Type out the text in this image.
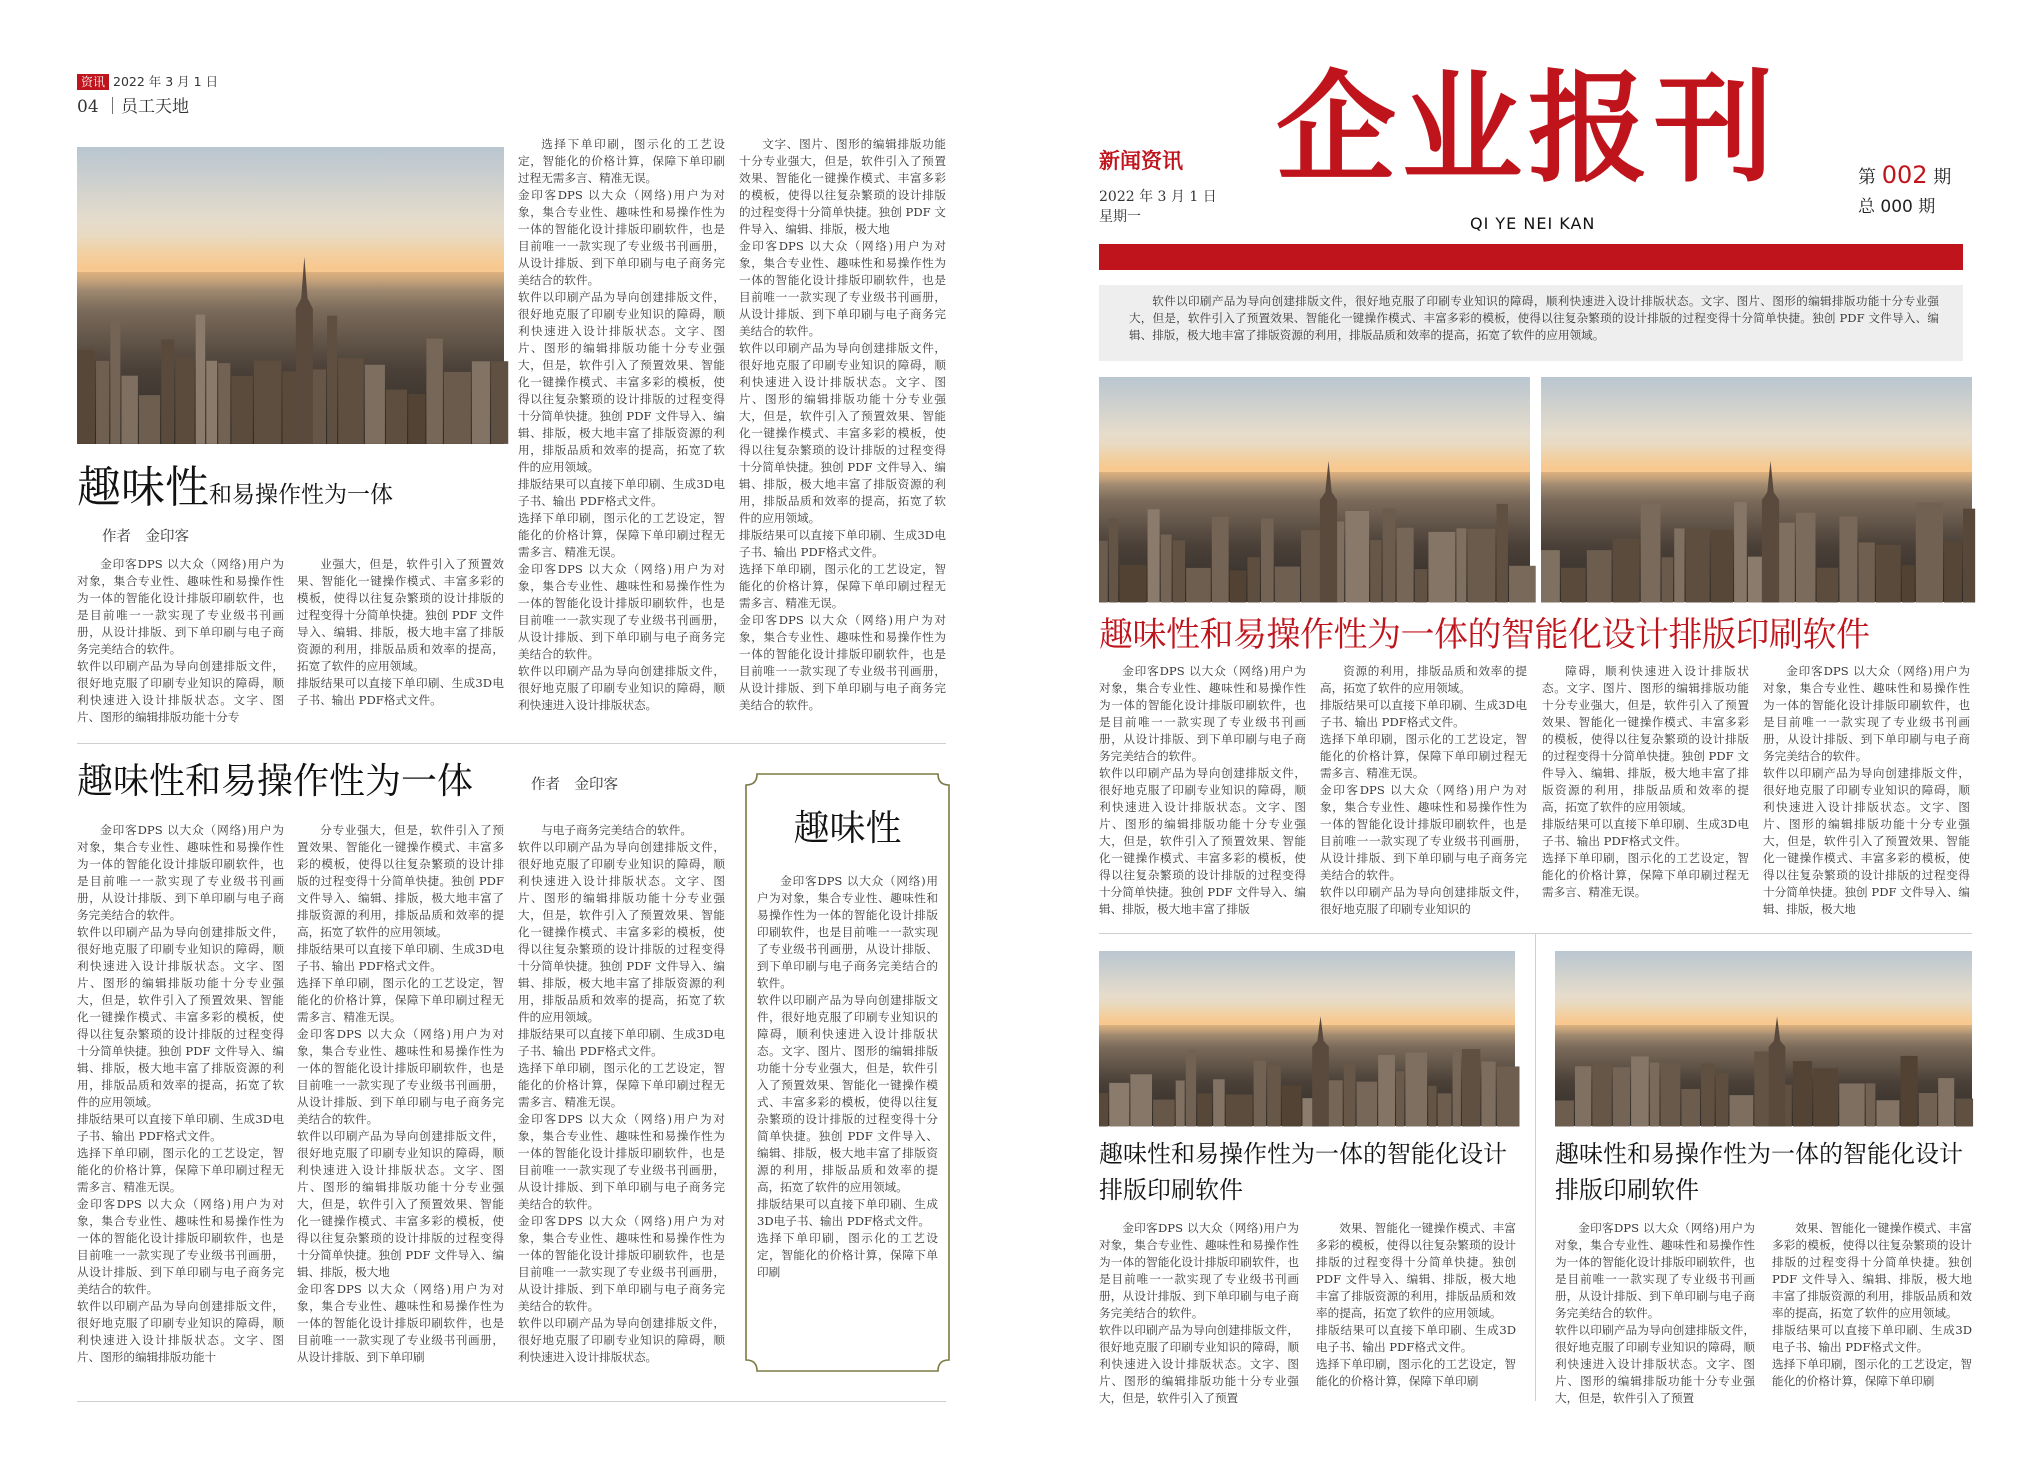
资讯 2022 年 3 月 1 日
04 ｜员工天地
趣味性和易操作性为一体
作者　金印客

金印客DPS 以大众（网络)用户为对象，集合专业性、趣味性和易操作性为一体的智能化设计排版印刷软件，也是目前唯一一款实现了专业级书刊画册，从设计排版、到下单印刷与电子商务完美结合的软件。
软件以印刷产品为导向创建排版文件，很好地克服了印刷专业知识的障碍，顺利快速进入设计排版状态。文字、图片、图形的编辑排版功能十分专

业强大，但是，软件引入了预置效果、智能化一键操作模式、丰富多彩的模板，使得以往复杂繁琐的设计排版的过程变得十分简单快捷。独创 PDF 文件导入、编辑、排版，极大地丰富了排版资源的利用，排版品质和效率的提高，拓宽了软件的应用领域。
排版结果可以直接下单印刷、生成3D电子书、输出 PDF格式文件。

选择下单印刷，图示化的工艺设定，智能化的价格计算，保障下单印刷过程无需多言、精准无误。
金印客DPS 以大众（网络)用户为对象，集合专业性、趣味性和易操作性为一体的智能化设计排版印刷软件，也是目前唯一一款实现了专业级书刊画册，从设计排版、到下单印刷与电子商务完美结合的软件。
软件以印刷产品为导向创建排版文件，很好地克服了印刷专业知识的障碍，顺利快速进入设计排版状态。文字、图片、图形的编辑排版功能十分专业强大，但是，软件引入了预置效果、智能化一键操作模式、丰富多彩的模板，使得以往复杂繁琐的设计排版的过程变得十分简单快捷。独创 PDF 文件导入、编辑、排版，极大地丰富了排版资源的利用，排版品质和效率的提高，拓宽了软件的应用领域。
排版结果可以直接下单印刷、生成3D电子书、输出 PDF格式文件。
选择下单印刷，图示化的工艺设定，智能化的价格计算，保障下单印刷过程无需多言、精准无误。
金印客DPS 以大众（网络)用户为对象，集合专业性、趣味性和易操作性为一体的智能化设计排版印刷软件，也是目前唯一一款实现了专业级书刊画册，从设计排版、到下单印刷与电子商务完美结合的软件。
软件以印刷产品为导向创建排版文件，很好地克服了印刷专业知识的障碍，顺利快速进入设计排版状态。

文字、图片、图形的编辑排版功能十分专业强大，但是，软件引入了预置效果、智能化一键操作模式、丰富多彩的模板，使得以往复杂繁琐的设计排版的过程变得十分简单快捷。独创 PDF 文件导入、编辑、排版，极大地
金印客DPS 以大众（网络)用户为对象，集合专业性、趣味性和易操作性为一体的智能化设计排版印刷软件，也是目前唯一一款实现了专业级书刊画册，从设计排版、到下单印刷与电子商务完美结合的软件。
软件以印刷产品为导向创建排版文件，很好地克服了印刷专业知识的障碍，顺利快速进入设计排版状态。文字、图片、图形的编辑排版功能十分专业强大，但是，软件引入了预置效果、智能化一键操作模式、丰富多彩的模板，使得以往复杂繁琐的设计排版的过程变得十分简单快捷。独创 PDF 文件导入、编辑、排版，极大地丰富了排版资源的利用，排版品质和效率的提高，拓宽了软件的应用领域。
排版结果可以直接下单印刷、生成3D电子书、输出 PDF格式文件。
选择下单印刷，图示化的工艺设定，智能化的价格计算，保障下单印刷过程无需多言、精准无误。
金印客DPS 以大众（网络)用户为对象，集合专业性、趣味性和易操作性为一体的智能化设计排版印刷软件，也是目前唯一一款实现了专业级书刊画册，从设计排版、到下单印刷与电子商务完美结合的软件。

趣味性和易操作性为一体	作者　金印客

金印客DPS 以大众（网络)用户为对象，集合专业性、趣味性和易操作性为一体的智能化设计排版印刷软件，也是目前唯一一款实现了专业级书刊画册，从设计排版、到下单印刷与电子商务完美结合的软件。
软件以印刷产品为导向创建排版文件，很好地克服了印刷专业知识的障碍，顺利快速进入设计排版状态。文字、图片、图形的编辑排版功能十分专业强大，但是，软件引入了预置效果、智能化一键操作模式、丰富多彩的模板，使得以往复杂繁琐的设计排版的过程变得十分简单快捷。独创 PDF 文件导入、编辑、排版，极大地丰富了排版资源的利用，排版品质和效率的提高，拓宽了软件的应用领域。
排版结果可以直接下单印刷、生成3D电子书、输出 PDF格式文件。
选择下单印刷，图示化的工艺设定，智能化的价格计算，保障下单印刷过程无需多言、精准无误。
金印客DPS 以大众（网络)用户为对象，集合专业性、趣味性和易操作性为一体的智能化设计排版印刷软件，也是目前唯一一款实现了专业级书刊画册，从设计排版、到下单印刷与电子商务完美结合的软件。
软件以印刷产品为导向创建排版文件，很好地克服了印刷专业知识的障碍，顺利快速进入设计排版状态。文字、图片、图形的编辑排版功能十

分专业强大，但是，软件引入了预置效果、智能化一键操作模式、丰富多彩的模板，使得以往复杂繁琐的设计排版的过程变得十分简单快捷。独创 PDF 文件导入、编辑、排版，极大地丰富了排版资源的利用，排版品质和效率的提高，拓宽了软件的应用领域。
排版结果可以直接下单印刷、生成3D电子书、输出 PDF格式文件。
选择下单印刷，图示化的工艺设定，智能化的价格计算，保障下单印刷过程无需多言、精准无误。
金印客DPS 以大众（网络)用户为对象，集合专业性、趣味性和易操作性为一体的智能化设计排版印刷软件，也是目前唯一一款实现了专业级书刊画册，从设计排版、到下单印刷与电子商务完美结合的软件。
软件以印刷产品为导向创建排版文件，很好地克服了印刷专业知识的障碍，顺利快速进入设计排版状态。文字、图片、图形的编辑排版功能十分专业强大，但是，软件引入了预置效果、智能化一键操作模式、丰富多彩的模板，使得以往复杂繁琐的设计排版的过程变得十分简单快捷。独创 PDF 文件导入、编辑、排版，极大地
金印客DPS 以大众（网络)用户为对象，集合专业性、趣味性和易操作性为一体的智能化设计排版印刷软件，也是目前唯一一款实现了专业级书刊画册，从设计排版、到下单印刷

与电子商务完美结合的软件。
软件以印刷产品为导向创建排版文件，很好地克服了印刷专业知识的障碍，顺利快速进入设计排版状态。文字、图片、图形的编辑排版功能十分专业强大，但是，软件引入了预置效果、智能化一键操作模式、丰富多彩的模板，使得以往复杂繁琐的设计排版的过程变得十分简单快捷。独创 PDF 文件导入、编辑、排版，极大地丰富了排版资源的利用，排版品质和效率的提高，拓宽了软件的应用领域。
排版结果可以直接下单印刷、生成3D电子书、输出 PDF格式文件。
选择下单印刷，图示化的工艺设定，智能化的价格计算，保障下单印刷过程无需多言、精准无误。
金印客DPS 以大众（网络)用户为对象，集合专业性、趣味性和易操作性为一体的智能化设计排版印刷软件，也是目前唯一一款实现了专业级书刊画册，从设计排版、到下单印刷与电子商务完美结合的软件。
金印客DPS 以大众（网络)用户为对象，集合专业性、趣味性和易操作性为一体的智能化设计排版印刷软件，也是目前唯一一款实现了专业级书刊画册，从设计排版、到下单印刷与电子商务完美结合的软件。
软件以印刷产品为导向创建排版文件，很好地克服了印刷专业知识的障碍，顺利快速进入设计排版状态。

趣味性

金印客DPS 以大众（网络)用户为对象，集合专业性、趣味性和易操作性为一体的智能化设计排版印刷软件，也是目前唯一一款实现了专业级书刊画册，从设计排版、到下单印刷与电子商务完美结合的软件。
软件以印刷产品为导向创建排版文件，很好地克服了印刷专业知识的障碍，顺利快速进入设计排版状态。文字、图片、图形的编辑排版功能十分专业强大，但是，软件引入了预置效果、智能化一键操作模式、丰富多彩的模板，使得以往复杂繁琐的设计排版的过程变得十分简单快捷。独创 PDF 文件导入、编辑、排版，极大地丰富了排版资源的利用，排版品质和效率的提高，拓宽了软件的应用领域。
排版结果可以直接下单印刷、生成3D电子书、输出 PDF格式文件。
选择下单印刷，图示化的工艺设定，智能化的价格计算，保障下单印刷

新闻资讯
2022 年 3 月 1 日
星期一
企业报刊
QI YE NEI KAN
第 002 期
总 000 期

软件以印刷产品为导向创建排版文件，很好地克服了印刷专业知识的障碍，顺利快速进入设计排版状态。文字、图片、图形的编辑排版功能十分专业强大，但是，软件引入了预置效果、智能化一键操作模式、丰富多彩的模板，使得以往复杂繁琐的设计排版的过程变得十分简单快捷。独创 PDF 文件导入、编辑、排版，极大地丰富了排版资源的利用，排版品质和效率的提高，拓宽了软件的应用领域。

趣味性和易操作性为一体的智能化设计排版印刷软件

金印客DPS 以大众（网络)用户为对象，集合专业性、趣味性和易操作性为一体的智能化设计排版印刷软件，也是目前唯一一款实现了专业级书刊画册，从设计排版、到下单印刷与电子商务完美结合的软件。
软件以印刷产品为导向创建排版文件，很好地克服了印刷专业知识的障碍，顺利快速进入设计排版状态。文字、图片、图形的编辑排版功能十分专业强大，但是，软件引入了预置效果、智能化一键操作模式、丰富多彩的模板，使得以往复杂繁琐的设计排版的过程变得十分简单快捷。独创 PDF 文件导入、编辑、排版，极大地丰富了排版

资源的利用，排版品质和效率的提高，拓宽了软件的应用领域。
排版结果可以直接下单印刷、生成3D电子书、输出 PDF格式文件。
选择下单印刷，图示化的工艺设定，智能化的价格计算，保障下单印刷过程无需多言、精准无误。
金印客DPS 以大众（网络)用户为对象，集合专业性、趣味性和易操作性为一体的智能化设计排版印刷软件，也是目前唯一一款实现了专业级书刊画册，从设计排版、到下单印刷与电子商务完美结合的软件。
软件以印刷产品为导向创建排版文件，很好地克服了印刷专业知识的

障碍，顺利快速进入设计排版状态。文字、图片、图形的编辑排版功能十分专业强大，但是，软件引入了预置效果、智能化一键操作模式、丰富多彩的模板，使得以往复杂繁琐的设计排版的过程变得十分简单快捷。独创 PDF 文件导入、编辑、排版，极大地丰富了排版资源的利用，排版品质和效率的提高，拓宽了软件的应用领域。
排版结果可以直接下单印刷、生成3D电子书、输出 PDF格式文件。
选择下单印刷，图示化的工艺设定，智能化的价格计算，保障下单印刷过程无需多言、精准无误。

金印客DPS 以大众（网络)用户为对象，集合专业性、趣味性和易操作性为一体的智能化设计排版印刷软件，也是目前唯一一款实现了专业级书刊画册，从设计排版、到下单印刷与电子商务完美结合的软件。
软件以印刷产品为导向创建排版文件，很好地克服了印刷专业知识的障碍，顺利快速进入设计排版状态。文字、图片、图形的编辑排版功能十分专业强大，但是，软件引入了预置效果、智能化一键操作模式、丰富多彩的模板，使得以往复杂繁琐的设计排版的过程变得十分简单快捷。独创 PDF 文件导入、编辑、排版，极大地

趣味性和易操作性为一体的智能化设计排版印刷软件

金印客DPS 以大众（网络)用户为对象，集合专业性、趣味性和易操作性为一体的智能化设计排版印刷软件，也是目前唯一一款实现了专业级书刊画册，从设计排版、到下单印刷与电子商务完美结合的软件。
软件以印刷产品为导向创建排版文件，很好地克服了印刷专业知识的障碍，顺利快速进入设计排版状态。文字、图片、图形的编辑排版功能十分专业强大，但是，软件引入了预置

效果、智能化一键操作模式、丰富多彩的模板，使得以往复杂繁琐的设计排版的过程变得十分简单快捷。独创 PDF 文件导入、编辑、排版，极大地丰富了排版资源的利用，排版品质和效率的提高，拓宽了软件的应用领域。
排版结果可以直接下单印刷、生成3D电子书、输出 PDF格式文件。
选择下单印刷，图示化的工艺设定，智能化的价格计算，保障下单印刷

趣味性和易操作性为一体的智能化设计排版印刷软件

金印客DPS 以大众（网络)用户为对象，集合专业性、趣味性和易操作性为一体的智能化设计排版印刷软件，也是目前唯一一款实现了专业级书刊画册，从设计排版、到下单印刷与电子商务完美结合的软件。
软件以印刷产品为导向创建排版文件，很好地克服了印刷专业知识的障碍，顺利快速进入设计排版状态。文字、图片、图形的编辑排版功能十分专业强大，但是，软件引入了预置

效果、智能化一键操作模式、丰富多彩的模板，使得以往复杂繁琐的设计排版的过程变得十分简单快捷。独创 PDF 文件导入、编辑、排版，极大地丰富了排版资源的利用，排版品质和效率的提高，拓宽了软件的应用领域。
排版结果可以直接下单印刷、生成3D电子书、输出 PDF格式文件。
选择下单印刷，图示化的工艺设定，智能化的价格计算，保障下单印刷
